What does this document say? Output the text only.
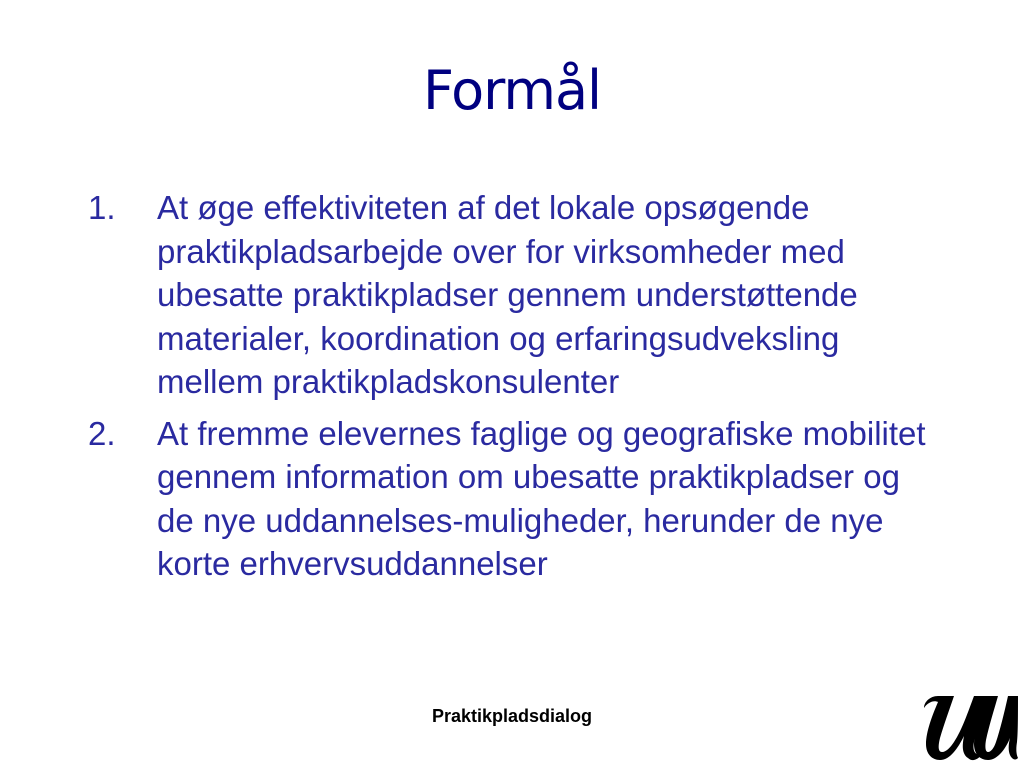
Formål
1. At øge effektiviteten af det lokale opsøgende praktikpladsarbejde over for virksomheder med ubesatte praktikpladser gennem understøttende materialer, koordination og erfaringsudveksling mellem praktikpladskonsulenter
2. At fremme elevernes faglige og geografiske mobilitet gennem information om ubesatte praktikpladser og de nye uddannelses-muligheder, herunder de nye korte erhvervsuddannelser
Praktikpladsdialog
